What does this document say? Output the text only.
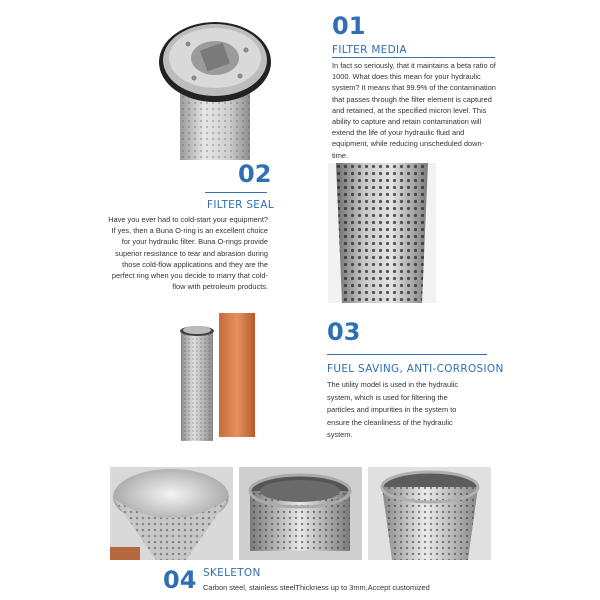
01
FILTER MEDIA
In fact so seriously, that it maintains a beta ratio of 1000. What does this mean for your hydraulic system? It means that 99.9% of the contamination that passes through the filter element is captured and retained, at the specified micron level. This ability to capture and retain contamination will extend the life of your hydraulic fluid and equipment, while reducing unscheduled down-time.
02
FILTER SEAL
Have you ever had to cold-start your equipment? If yes, then a Buna O-ring is an excellent choice for your hydraulic filter. Buna O-rings provide superior resistance to tear and abrasion during those cold-flow applications and they are the perfect ring when you decide to marry that cold-flow with petroleum products.
03
FUEL SAVING, ANTI-CORROSION
The utility model is used in the hydraulic system, which is used for filtering the particles and impurities in the system to ensure the cleanliness of the hydraulic system.
04 SKELETON
Carbon steel, stainless steelThickness up to 3mm,Accept customized
